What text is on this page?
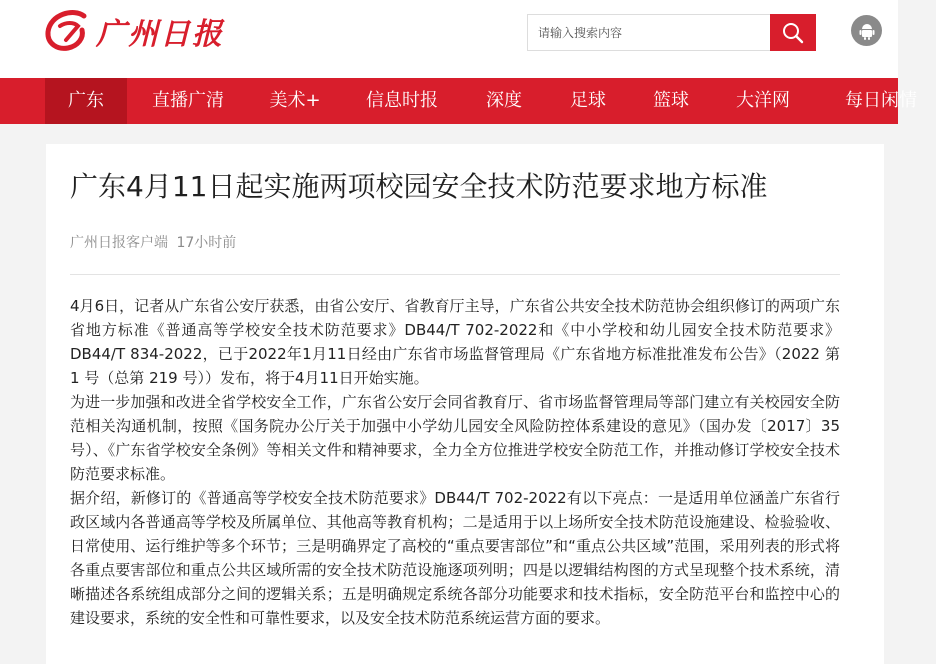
广州日报
请输入搜索内容
广东	直播广清	美术+	信息时报	深度	足球	篮球	大洋网	每日闲情
广东4月11日起实施两项校园安全技术防范要求地方标准
广州日报客户端 17小时前

4月6日，记者从广东省公安厅获悉，由省公安厅、省教育厅主导，广东省公共安全技术防范协会组织修订的两项广东省地方标准《普通高等学校安全技术防范要求》DB44/T 702-2022和《中小学校和幼儿园安全技术防范要求》DB44/T 834-2022，已于2022年1月11日经由广东省市场监督管理局《广东省地方标准批准发布公告》（2022 第 1 号（总第 219 号））发布，将于4月11日开始实施。

为进一步加强和改进全省学校安全工作，广东省公安厅会同省教育厅、省市场监督管理局等部门建立有关校园安全防范相关沟通机制，按照《国务院办公厅关于加强中小学幼儿园安全风险防控体系建设的意见》（国办发〔2017〕35号）、《广东省学校安全条例》等相关文件和精神要求，全力全方位推进学校安全防范工作，并推动修订学校安全技术防范要求标准。

据介绍，新修订的《普通高等学校安全技术防范要求》DB44/T 702-2022有以下亮点：一是适用单位涵盖广东省行政区域内各普通高等学校及所属单位、其他高等教育机构；二是适用于以上场所安全技术防范设施建设、检验验收、日常使用、运行维护等多个环节；三是明确界定了高校的“重点要害部位”和“重点公共区域”范围，采用列表的形式将各重点要害部位和重点公共区域所需的安全技术防范设施逐项列明；四是以逻辑结构图的方式呈现整个技术系统，清晰描述各系统组成部分之间的逻辑关系；五是明确规定系统各部分功能要求和技术指标，安全防范平台和监控中心的建设要求，系统的安全性和可靠性要求，以及安全技术防范系统运营方面的要求。
